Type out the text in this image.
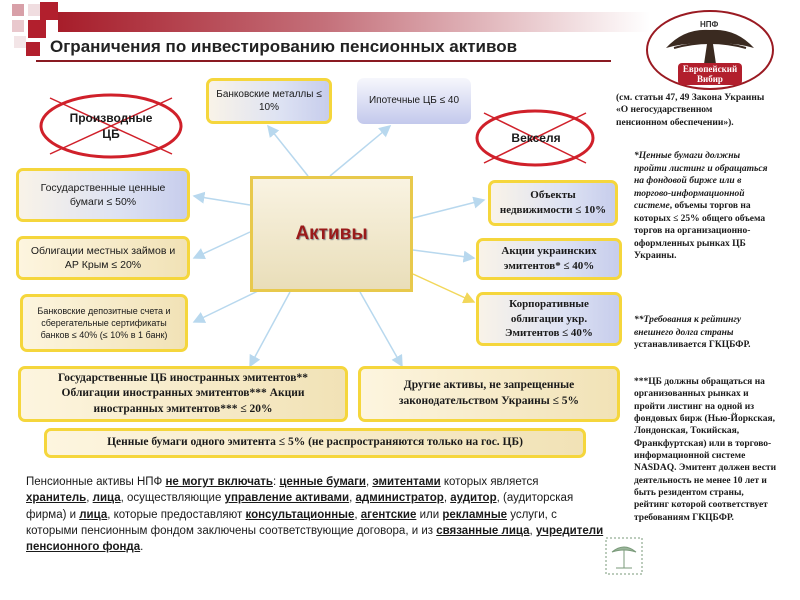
Ограничения по инвестированию пенсионных активов
НПФ
Европейский
Вибир
Производные ЦБ	Векселя
Активы
Банковские металлы ≤ 10%
Ипотечные ЦБ ≤ 40
Государственные ценные бумаги ≤ 50%
Облигации местных займов и АР Крым ≤ 20%
Банковские депозитные счета и сберегательные сертификаты банков ≤ 40% (≤ 10% в 1 банк)
Государственные ЦБ иностранных эмитентов** Облигации иностранных эмитентов*** Акции иностранных эмитентов*** ≤ 20%
Объекты недвижимости ≤ 10%
Акции украинских эмитентов* ≤ 40%
Корпоративные облигации укр. Эмитентов ≤ 40%
Другие активы, не запрещенные законодательством Украины ≤ 5%
Ценные бумаги одного эмитента ≤ 5% (не распространяются только на гос. ЦБ)
(см. статьи 47, 49 Закона Украины «О негосударственном пенсионном обеспечении»).
*Ценные бумаги должны пройти листинг и обращаться на фондовой бирже или в торгово-информационной системе, объемы торгов на которых ≤ 25% общего объема торгов на организационно-оформленных рынках ЦБ Украины.
**Требования к рейтингу внешнего долга страны устанавливается ГКЦБФР.
***ЦБ должны обращаться на организованных рынках и пройти листинг на одной из фондовых бирж (Нью-Йоркская, Лондонская, Токийская, Франкфуртская) или в торгово-информационной системе NASDAQ. Эмитент должен вести деятельность не менее 10 лет и быть резидентом страны, рейтинг которой соответствует требованиям ГКЦБФР.
Пенсионные активы НПФ не могут включать: ценные бумаги, эмитентами которых является хранитель, лица, осуществляющие управление активами, администратор, аудитор, (аудиторская фирма) и лица, которые предоставляют консультационные, агентские или рекламные услуги, с которыми пенсионным фондом заключены соответствующие договора, и из связанные лица, учредители пенсионного фонда.
